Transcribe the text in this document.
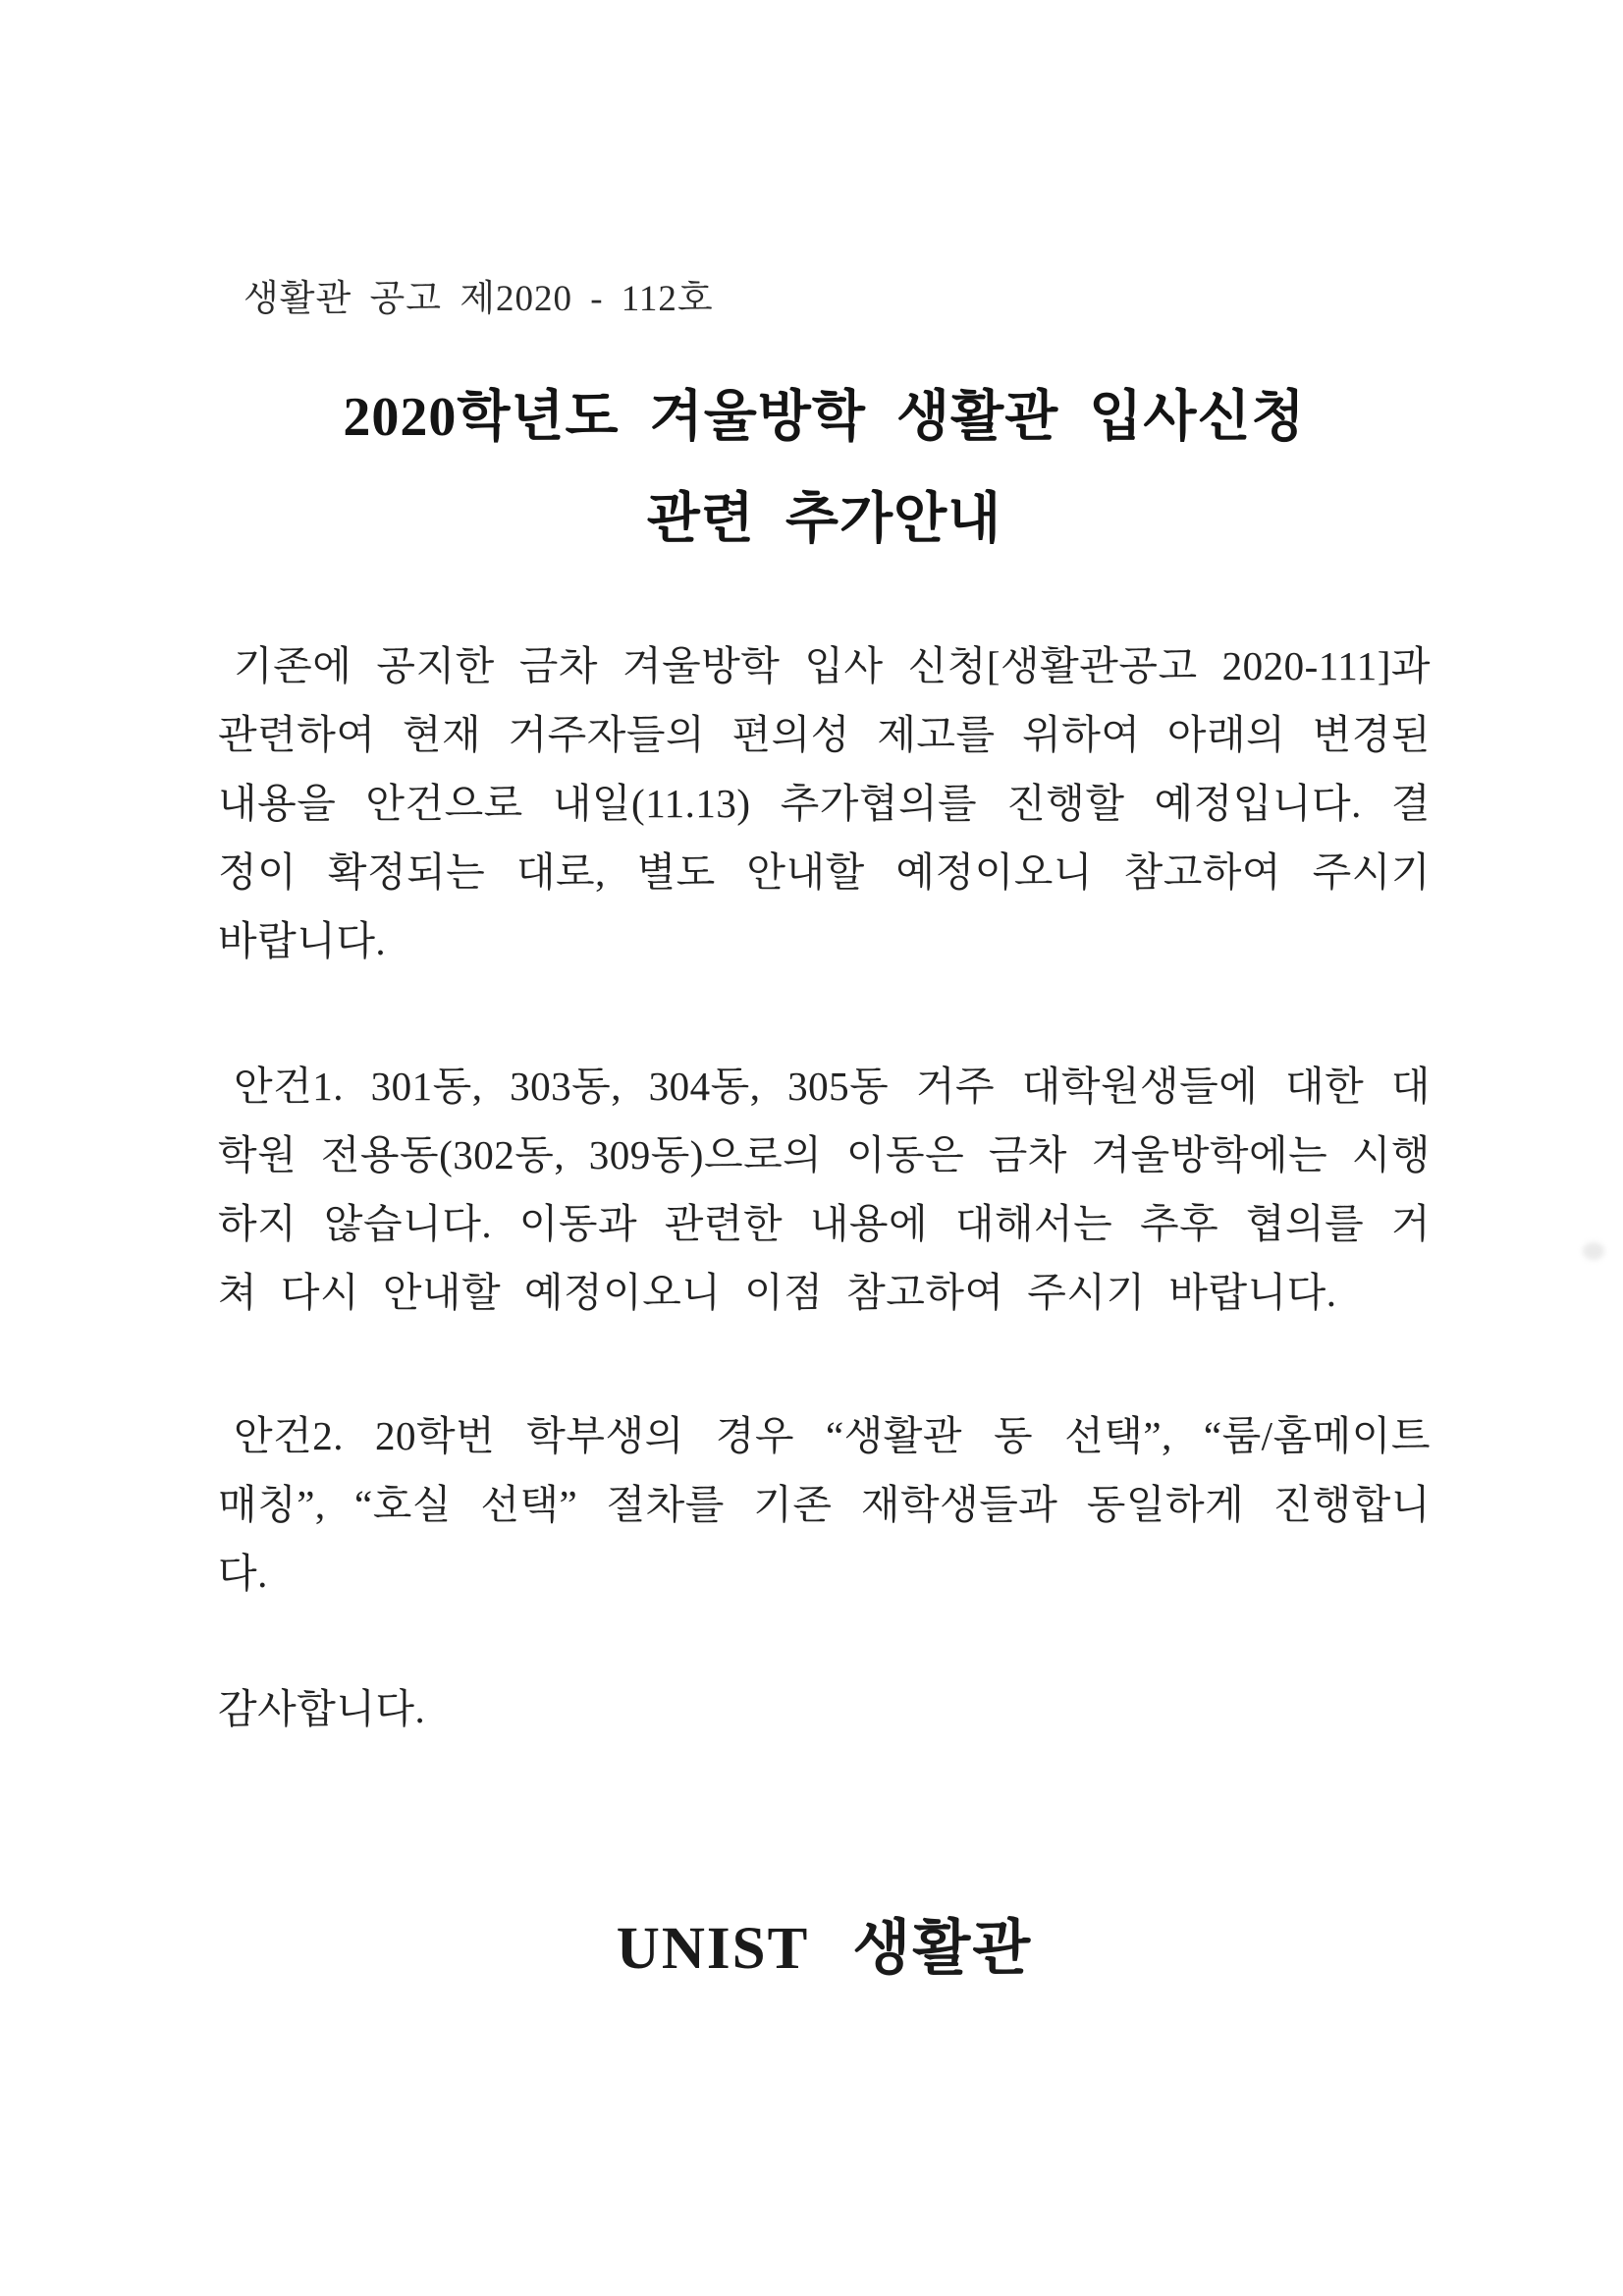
생활관 공고 제2020 - 112호

2020학년도 겨울방학 생활관 입사신청
관련 추가안내

기존에 공지한 금차 겨울방학 입사 신청[생활관공고 2020-111]과 관련하여 현재 거주자들의 편의성 제고를 위하여 아래의 변경된 내용을 안건으로 내일(11.13) 추가협의를 진행할 예정입니다. 결정이 확정되는 대로, 별도 안내할 예정이오니 참고하여 주시기 바랍니다.

안건1. 301동, 303동, 304동, 305동 거주 대학원생들에 대한 대학원 전용동(302동, 309동)으로의 이동은 금차 겨울방학에는 시행하지 않습니다. 이동과 관련한 내용에 대해서는 추후 협의를 거쳐 다시 안내할 예정이오니 이점 참고하여 주시기 바랍니다.

안건2. 20학번 학부생의 경우 “생활관 동 선택”, “룸/홈메이트 매칭”, “호실 선택” 절차를 기존 재학생들과 동일하게 진행합니다.

감사합니다.

UNIST 생활관
